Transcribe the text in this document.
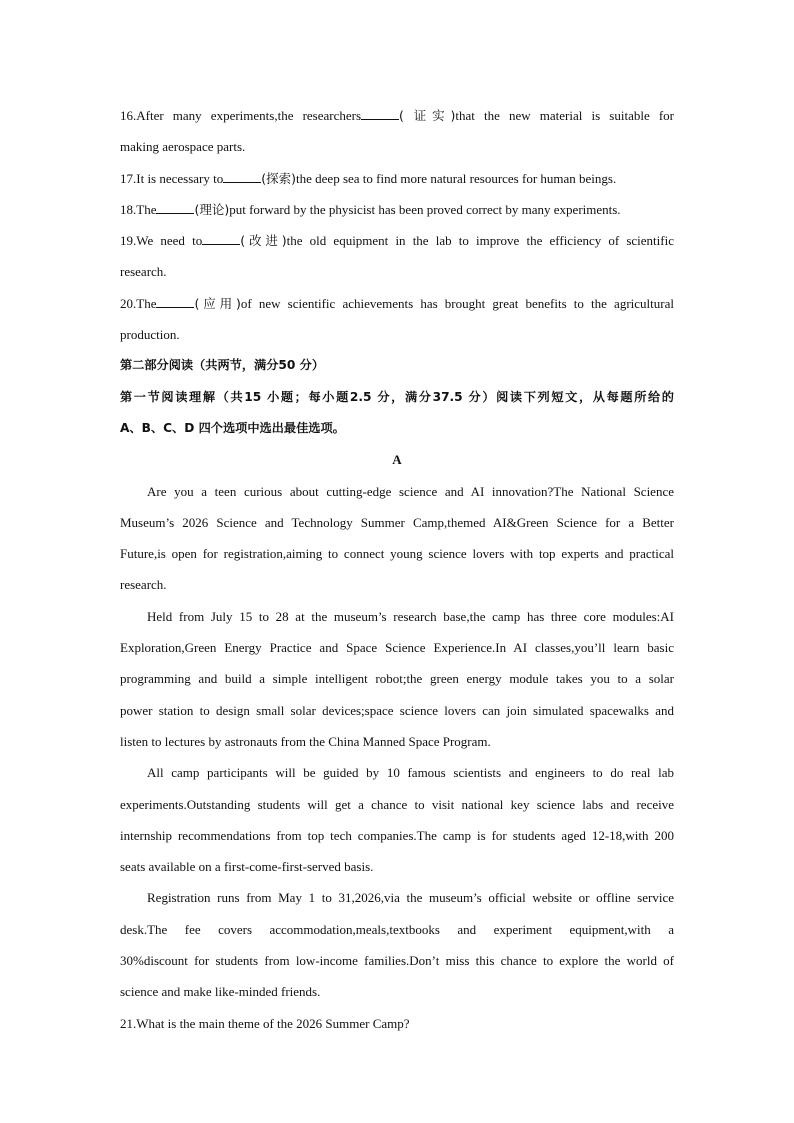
16.After many experiments,the researchers	( 证实)that the new material is suitable for

making aerospace parts.

17.It is necessary to	(探索)the deep sea to find more natural resources for human beings.

18.The	(理论)put forward by the physicist has been proved correct by many experiments.

19.We need to	(改进)the old equipment in the lab to improve the efficiency of scientific

research.

20.The	(应用)of new scientific achievements has brought great benefits to the agricultural

production.

第二部分阅读（共两节，满分50 分）

第一节阅读理解（共15 小题；每小题2.5 分，满分37.5 分）阅读下列短文，从每题所给的

A、B、C、D 四个选项中选出最佳选项。

A

Are you a teen curious about cutting-edge science and AI innovation?The National Science

Museum’s 2026 Science and Technology Summer Camp,themed AI&Green Science for a Better

Future,is open for registration,aiming to connect young science lovers with top experts and practical

research.

Held from July 15 to 28 at the museum’s research base,the camp has three core modules:AI

Exploration,Green Energy Practice and Space Science Experience.In AI classes,you’ll learn basic

programming and build a simple intelligent robot;the green energy module takes you to a solar

power station to design small solar devices;space science lovers can join simulated spacewalks and

listen to lectures by astronauts from the China Manned Space Program.

All camp participants will be guided by 10 famous scientists and engineers to do real lab

experiments.Outstanding students will get a chance to visit national key science labs and receive

internship recommendations from top tech companies.The camp is for students aged 12-18,with 200

seats available on a first-come-first-served basis.

Registration runs from May 1 to 31,2026,via the museum’s official website or offline service

desk.The fee covers accommodation,meals,textbooks and experiment equipment,with a

30%discount for students from low-income families.Don’t miss this chance to explore the world of

science and make like-minded friends.

21.What is the main theme of the 2026 Summer Camp?
